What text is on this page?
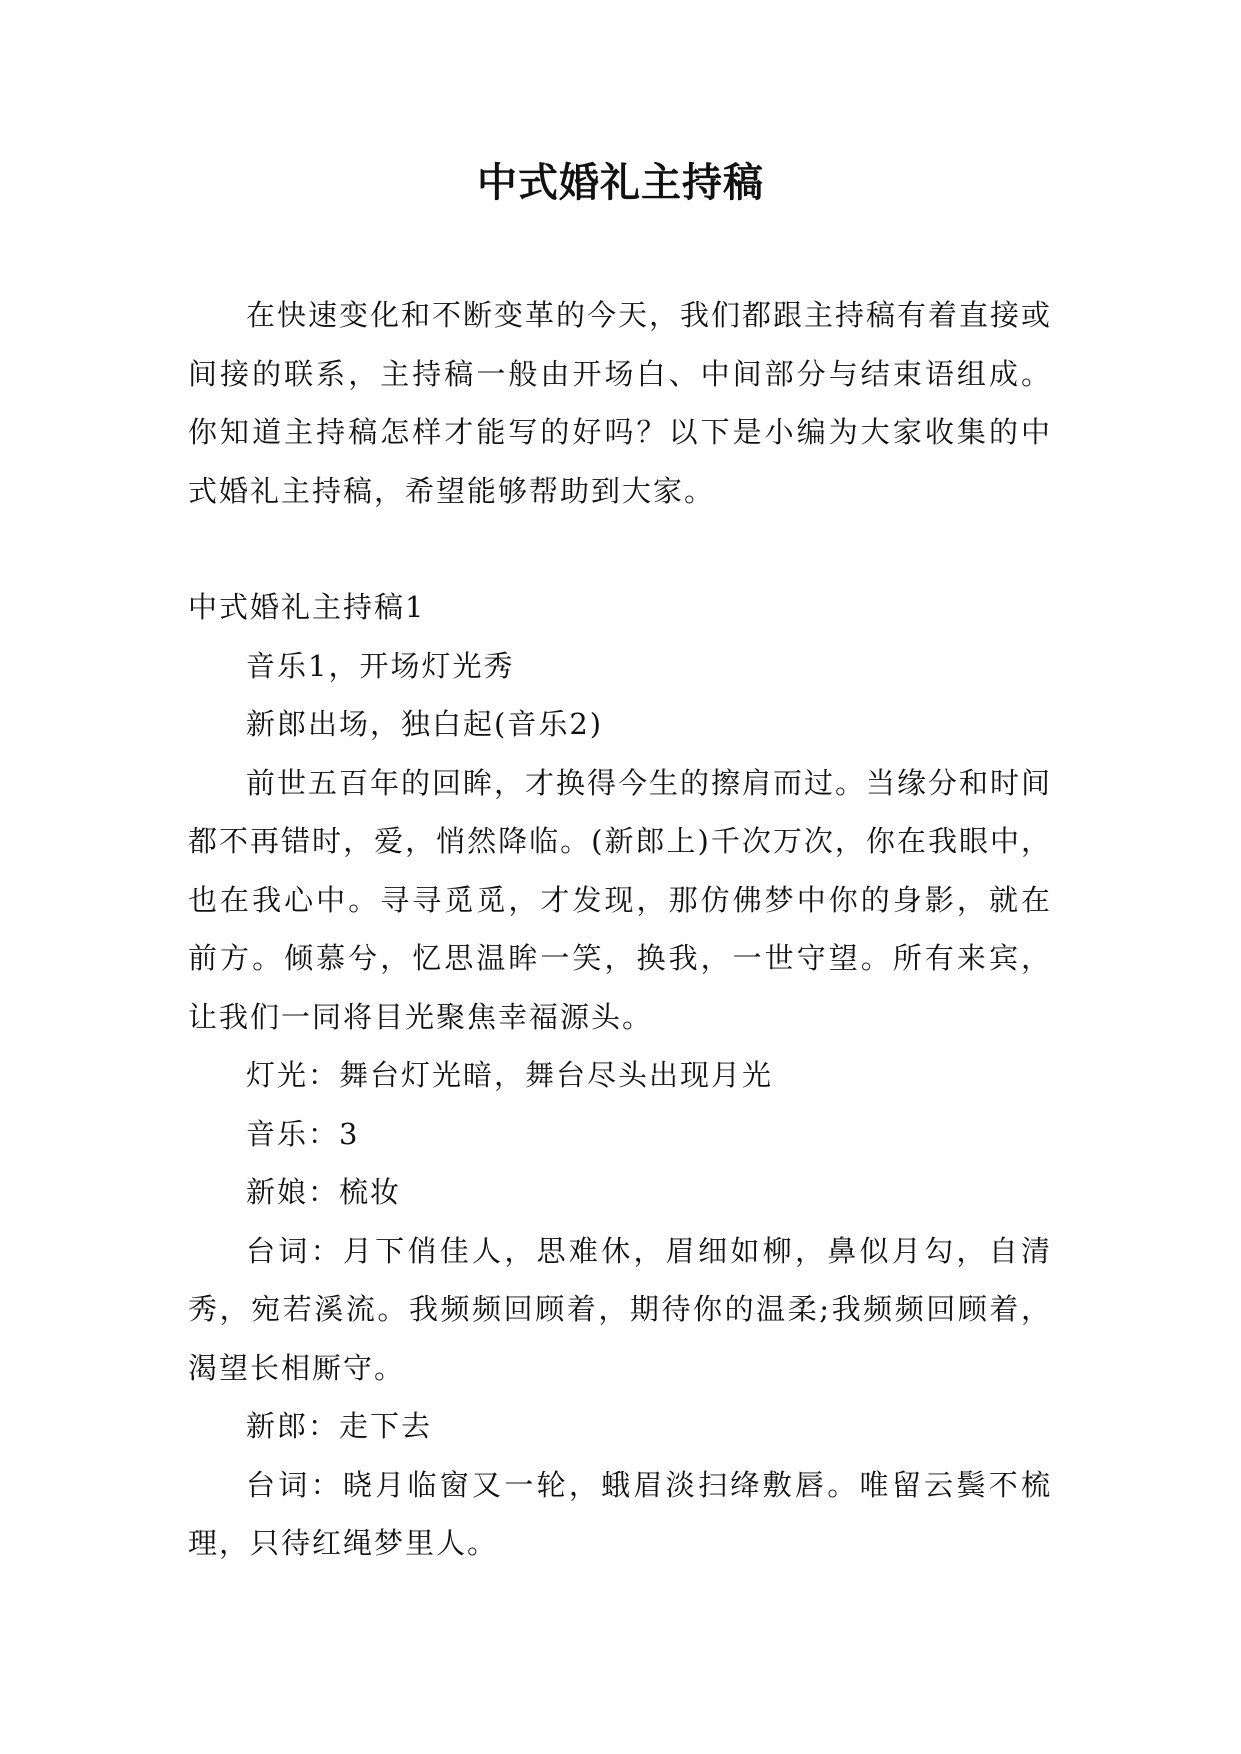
中式婚礼主持稿

在快速变化和不断变革的今天，我们都跟主持稿有着直接或间接的联系，主持稿一般由开场白、中间部分与结束语组成。你知道主持稿怎样才能写的好吗？以下是小编为大家收集的中式婚礼主持稿，希望能够帮助到大家。

中式婚礼主持稿1

音乐1，开场灯光秀

新郎出场，独白起(音乐2)

前世五百年的回眸，才换得今生的擦肩而过。当缘分和时间都不再错时，爱，悄然降临。(新郎上)千次万次，你在我眼中，也在我心中。寻寻觅觅，才发现，那仿佛梦中你的身影，就在前方。倾慕兮，忆思温眸一笑，换我，一世守望。所有来宾，让我们一同将目光聚焦幸福源头。

灯光：舞台灯光暗，舞台尽头出现月光

音乐：3

新娘：梳妆

台词：月下俏佳人，思难休，眉细如柳，鼻似月勾，自清秀，宛若溪流。我频频回顾着，期待你的温柔;我频频回顾着，渴望长相厮守。

新郎：走下去

台词：晓月临窗又一轮，蛾眉淡扫绛敷唇。唯留云鬓不梳理，只待红绳梦里人。
